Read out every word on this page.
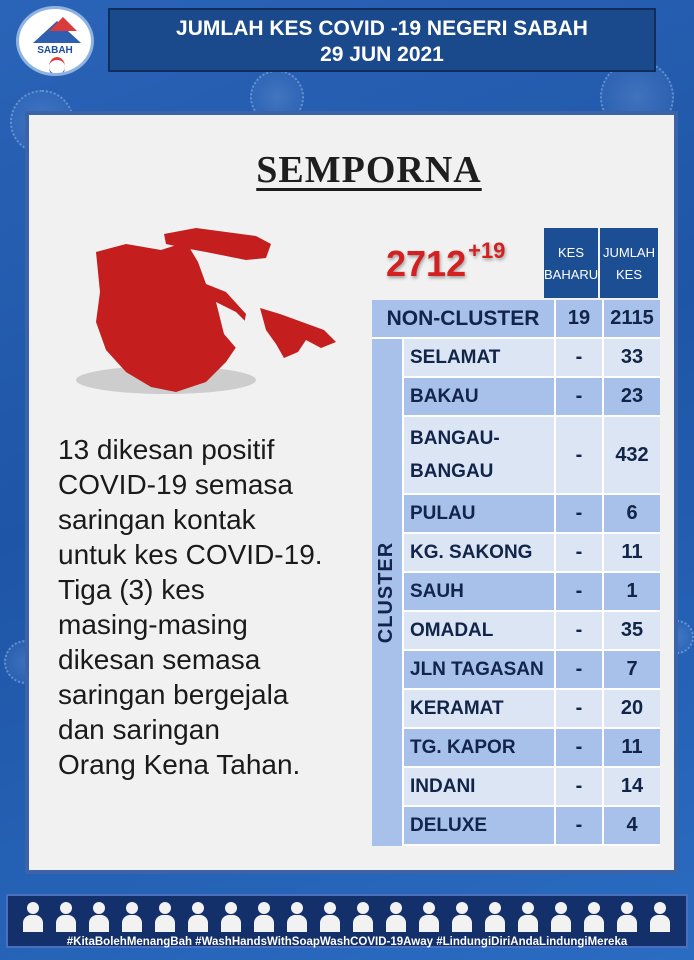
SABAH
JUMLAH KES COVID -19 NEGERI SABAH
29 JUN 2021
SEMPORNA
13 dikesan positif
COVID-19 semasa
saringan kontak
untuk kes COVID-19.
Tiga (3) kes
masing-masing
dikesan semasa
saringan bergejala
dan saringan
Orang Kena Tahan.
$2712^{+19}$	KES
BAHARU
JUMLAH
KES
NON-CLUSTER	19	2115
CLUSTER
SELAMAT	-	33
BAKAU	-	23
BANGAU-
BANGAU
-	432
PULAU	-	6
KG. SAKONG	-	11
SAUH	-	1
OMADAL	-	35
JLN TAGASAN	-	7
KERAMAT	-	20
TG. KAPOR	-	11
INDANI	-	14
DELUXE	-	4
#KitaBolehMenangBah #WashHandsWithSoapWashCOVID-19Away #LindungiDiriAndaLindungiMereka
